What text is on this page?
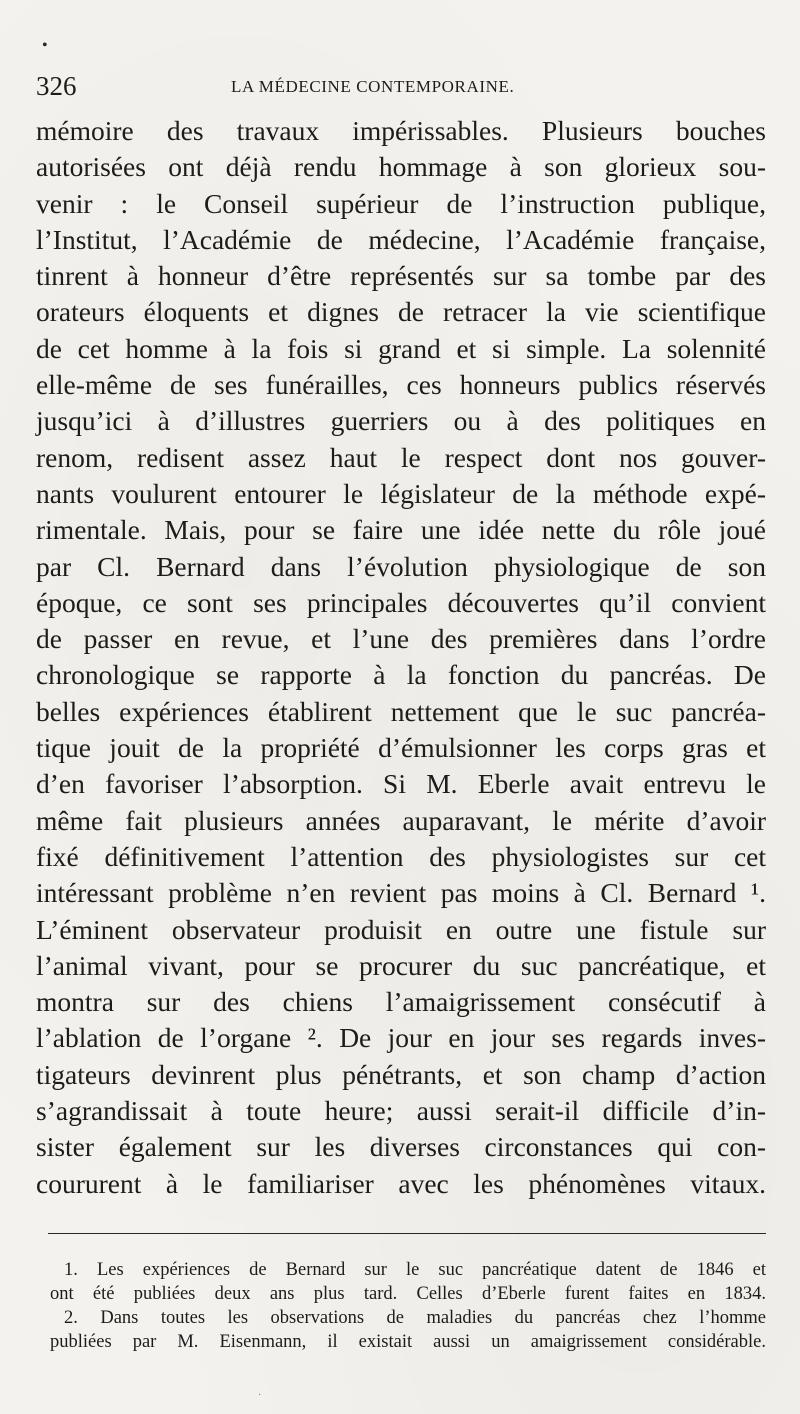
•
326	LA MÉDECINE CONTEMPORAINE.
mémoire des travaux impérissables. Plusieurs bouches
autorisées ont déjà rendu hommage à son glorieux sou-
venir : le Conseil supérieur de l’instruction publique,
l’Institut, l’Académie de médecine, l’Académie française,
tinrent à honneur d’être représentés sur sa tombe par des
orateurs éloquents et dignes de retracer la vie scientifique
de cet homme à la fois si grand et si simple. La solennité
elle-même de ses funérailles, ces honneurs publics réservés
jusqu’ici à d’illustres guerriers ou à des politiques en
renom, redisent assez haut le respect dont nos gouver-
nants voulurent entourer le législateur de la méthode expé-
rimentale. Mais, pour se faire une idée nette du rôle joué
par Cl. Bernard dans l’évolution physiologique de son
époque, ce sont ses principales découvertes qu’il convient
de passer en revue, et l’une des premières dans l’ordre
chronologique se rapporte à la fonction du pancréas. De
belles expériences établirent nettement que le suc pancréa-
tique jouit de la propriété d’émulsionner les corps gras et
d’en favoriser l’absorption. Si M. Eberle avait entrevu le
même fait plusieurs années auparavant, le mérite d’avoir
fixé définitivement l’attention des physiologistes sur cet
intéressant problème n’en revient pas moins à Cl. Bernard ¹.
L’éminent observateur produisit en outre une fistule sur
l’animal vivant, pour se procurer du suc pancréatique, et
montra sur des chiens l’amaigrissement consécutif à
l’ablation de l’organe ². De jour en jour ses regards inves-
tigateurs devinrent plus pénétrants, et son champ d’action
s’agrandissait à toute heure; aussi serait-il difficile d’in-
sister également sur les diverses circonstances qui con-
coururent à le familiariser avec les phénomènes vitaux.
1. Les expériences de Bernard sur le suc pancréatique datent de 1846 et
ont été publiées deux ans plus tard. Celles d’Eberle furent faites en 1834.
2. Dans toutes les observations de maladies du pancréas chez l’homme
publiées par M. Eisenmann, il existait aussi un amaigrissement considérable.
·
